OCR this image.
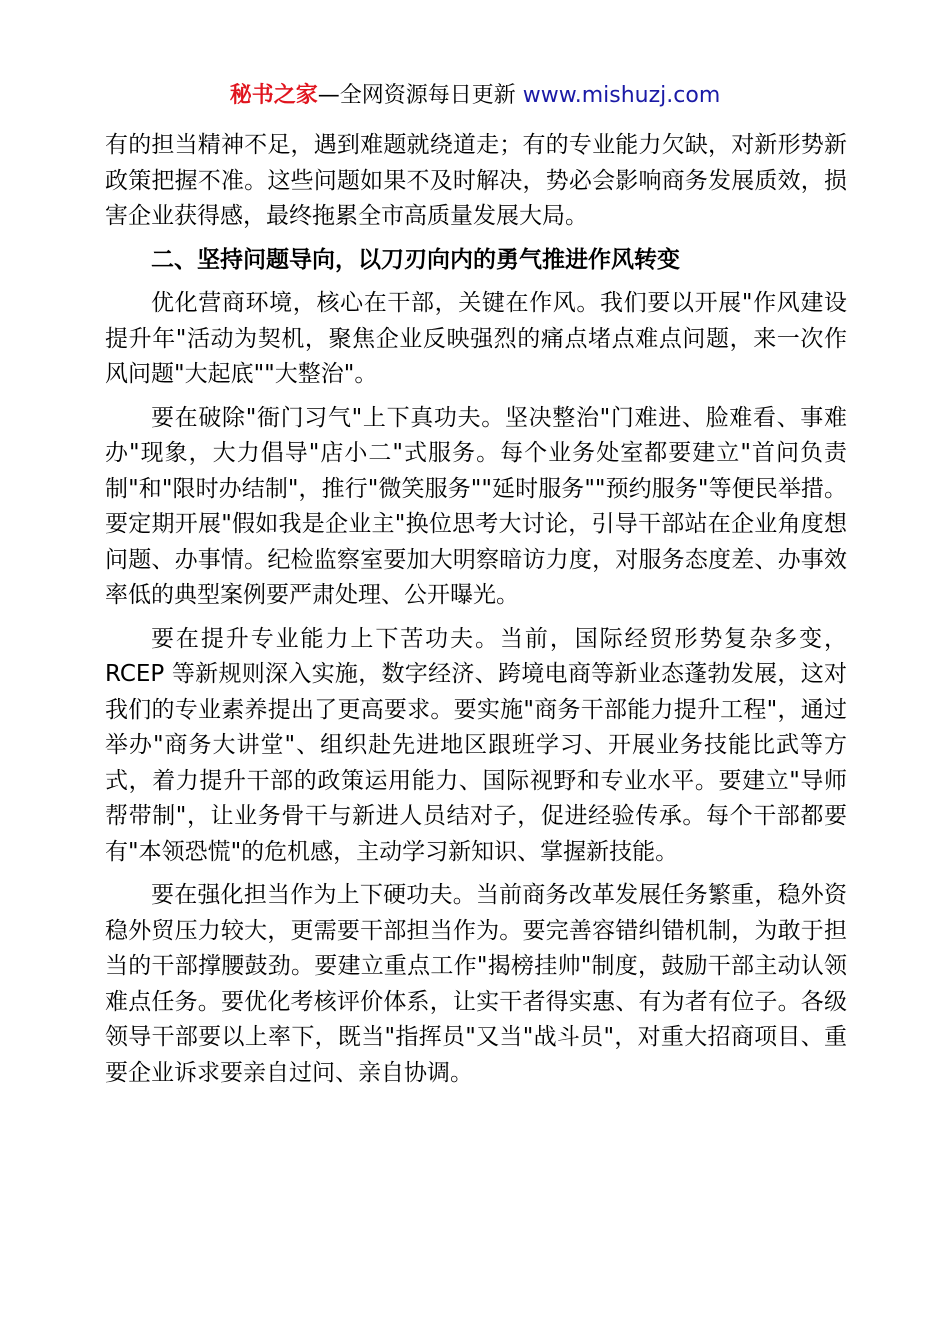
秘书之家—全网资源每日更新 www.mishuzj.com

有的担当精神不足，遇到难题就绕道走；有的专业能力欠缺，对新形势新政策把握不准。这些问题如果不及时解决，势必会影响商务发展质效，损害企业获得感，最终拖累全市高质量发展大局。

二、坚持问题导向，以刀刃向内的勇气推进作风转变

优化营商环境，核心在干部，关键在作风。我们要以开展"作风建设提升年"活动为契机，聚焦企业反映强烈的痛点堵点难点问题，来一次作风问题"大起底""大整治"。

要在破除"衙门习气"上下真功夫。坚决整治"门难进、脸难看、事难办"现象，大力倡导"店小二"式服务。每个业务处室都要建立"首问负责制"和"限时办结制"，推行"微笑服务""延时服务""预约服务"等便民举措。要定期开展"假如我是企业主"换位思考大讨论，引导干部站在企业角度想问题、办事情。纪检监察室要加大明察暗访力度，对服务态度差、办事效率低的典型案例要严肃处理、公开曝光。

要在提升专业能力上下苦功夫。当前，国际经贸形势复杂多变，RCEP 等新规则深入实施，数字经济、跨境电商等新业态蓬勃发展，这对我们的专业素养提出了更高要求。要实施"商务干部能力提升工程"，通过举办"商务大讲堂"、组织赴先进地区跟班学习、开展业务技能比武等方式，着力提升干部的政策运用能力、国际视野和专业水平。要建立"导师帮带制"，让业务骨干与新进人员结对子，促进经验传承。每个干部都要有"本领恐慌"的危机感，主动学习新知识、掌握新技能。

要在强化担当作为上下硬功夫。当前商务改革发展任务繁重，稳外资稳外贸压力较大，更需要干部担当作为。要完善容错纠错机制，为敢于担当的干部撑腰鼓劲。要建立重点工作"揭榜挂帅"制度，鼓励干部主动认领难点任务。要优化考核评价体系，让实干者得实惠、有为者有位子。各级领导干部要以上率下，既当"指挥员"又当"战斗员"，对重大招商项目、重要企业诉求要亲自过问、亲自协调。
